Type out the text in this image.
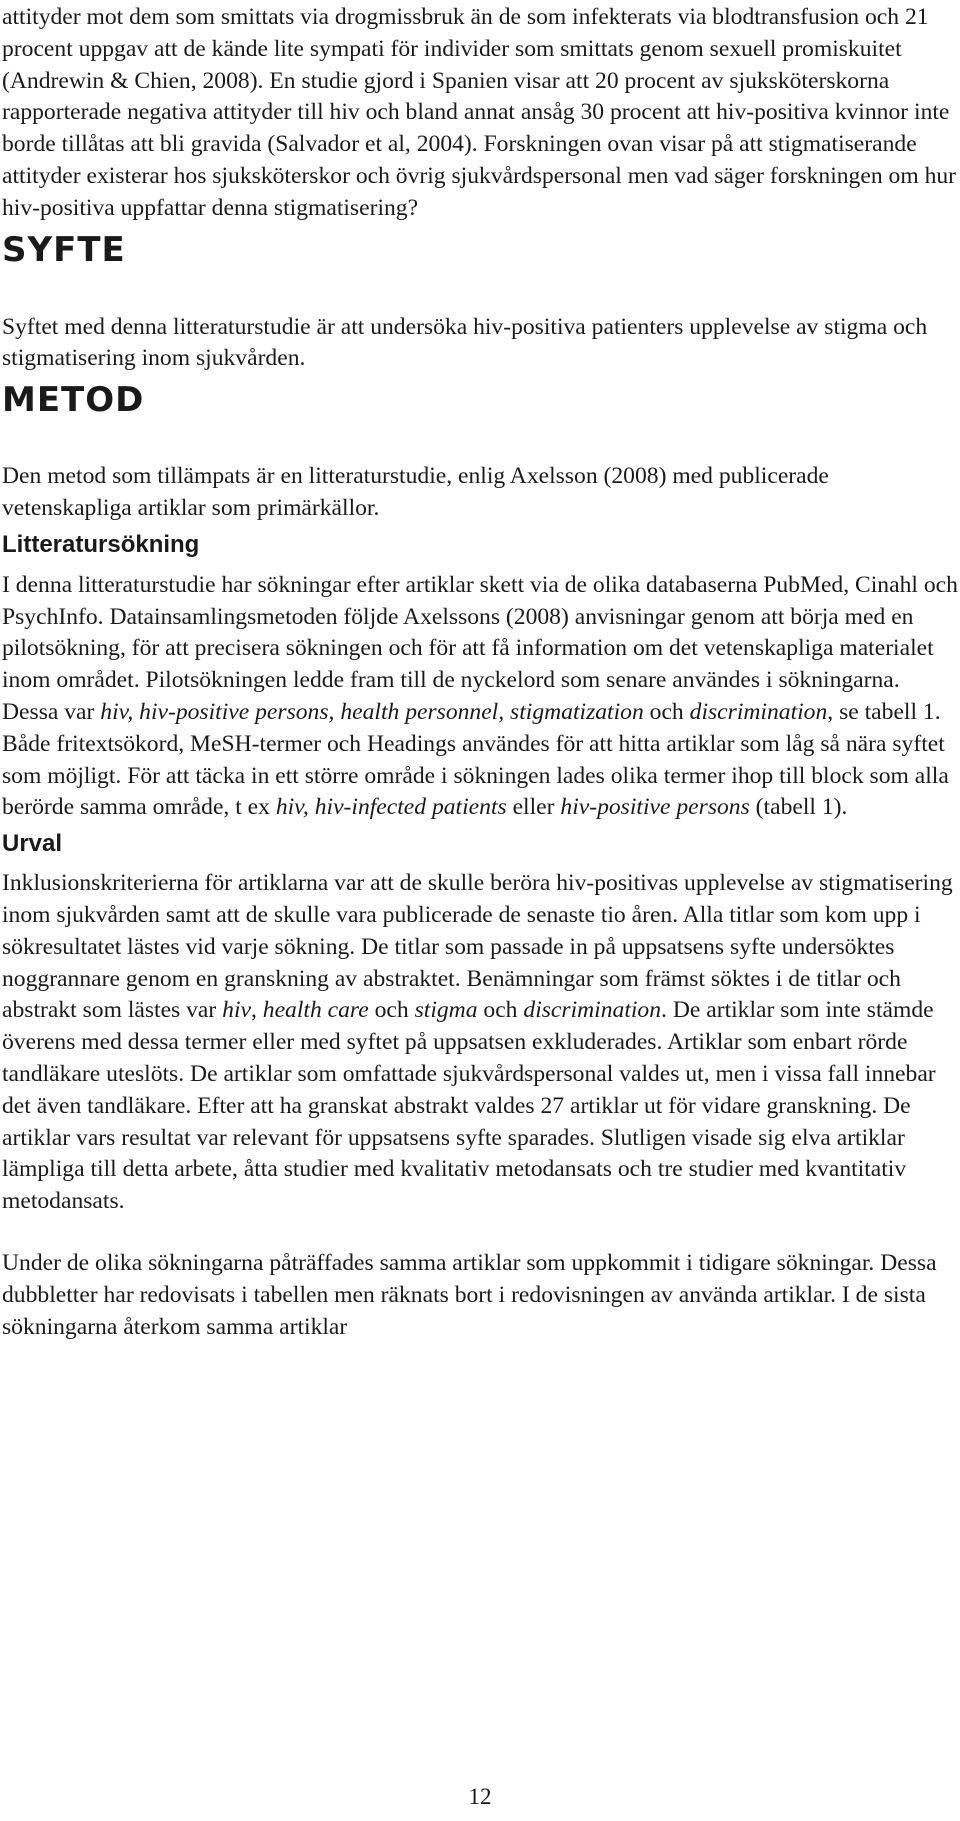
attityder mot dem som smittats via drogmissbruk än de som infekterats via blodtransfusion och 21 procent uppgav att de kände lite sympati för individer som smittats genom sexuell promiskuitet (Andrewin & Chien, 2008). En studie gjord i Spanien visar att 20 procent av sjuksköterskorna rapporterade negativa attityder till hiv och bland annat ansåg 30 procent att hiv-positiva kvinnor inte borde tillåtas att bli gravida (Salvador et al, 2004). Forskningen ovan visar på att stigmatiserande attityder existerar hos sjuksköterskor och övrig sjukvårdspersonal men vad säger forskningen om hur hiv-positiva uppfattar denna stigmatisering?

SYFTE

Syftet med denna litteraturstudie är att undersöka hiv-positiva patienters upplevelse av stigma och stigmatisering inom sjukvården.

METOD

Den metod som tillämpats är en litteraturstudie, enlig Axelsson (2008) med publicerade vetenskapliga artiklar som primärkällor.

Litteratursökning

I denna litteraturstudie har sökningar efter artiklar skett via de olika databaserna PubMed, Cinahl och PsychInfo. Datainsamlingsmetoden följde Axelssons (2008) anvisningar genom att börja med en pilotsökning, för att precisera sökningen och för att få information om det vetenskapliga materialet inom området. Pilotsökningen ledde fram till de nyckelord som senare användes i sökningarna. Dessa var hiv, hiv-positive persons, health personnel, stigmatization och discrimination, se tabell 1. Både fritextsökord, MeSH-termer och Headings användes för att hitta artiklar som låg så nära syftet som möjligt. För att täcka in ett större område i sökningen lades olika termer ihop till block som alla berörde samma område, t ex hiv, hiv-infected patients eller hiv-positive persons (tabell 1).

Urval

Inklusionskriterierna för artiklarna var att de skulle beröra hiv-positivas upplevelse av stigmatisering inom sjukvården samt att de skulle vara publicerade de senaste tio åren. Alla titlar som kom upp i sökresultatet lästes vid varje sökning. De titlar som passade in på uppsatsens syfte undersöktes noggrannare genom en granskning av abstraktet. Benämningar som främst söktes i de titlar och abstrakt som lästes var hiv, health care och stigma och discrimination. De artiklar som inte stämde överens med dessa termer eller med syftet på uppsatsen exkluderades. Artiklar som enbart rörde tandläkare uteslöts. De artiklar som omfattade sjukvårdspersonal valdes ut, men i vissa fall innebar det även tandläkare. Efter att ha granskat abstrakt valdes 27 artiklar ut för vidare granskning. De artiklar vars resultat var relevant för uppsatsens syfte sparades. Slutligen visade sig elva artiklar lämpliga till detta arbete, åtta studier med kvalitativ metodansats och tre studier med kvantitativ metodansats.

Under de olika sökningarna påträffades samma artiklar som uppkommit i tidigare sökningar. Dessa dubbletter har redovisats i tabellen men räknats bort i redovisningen av använda artiklar. I de sista sökningarna återkom samma artiklar

12
